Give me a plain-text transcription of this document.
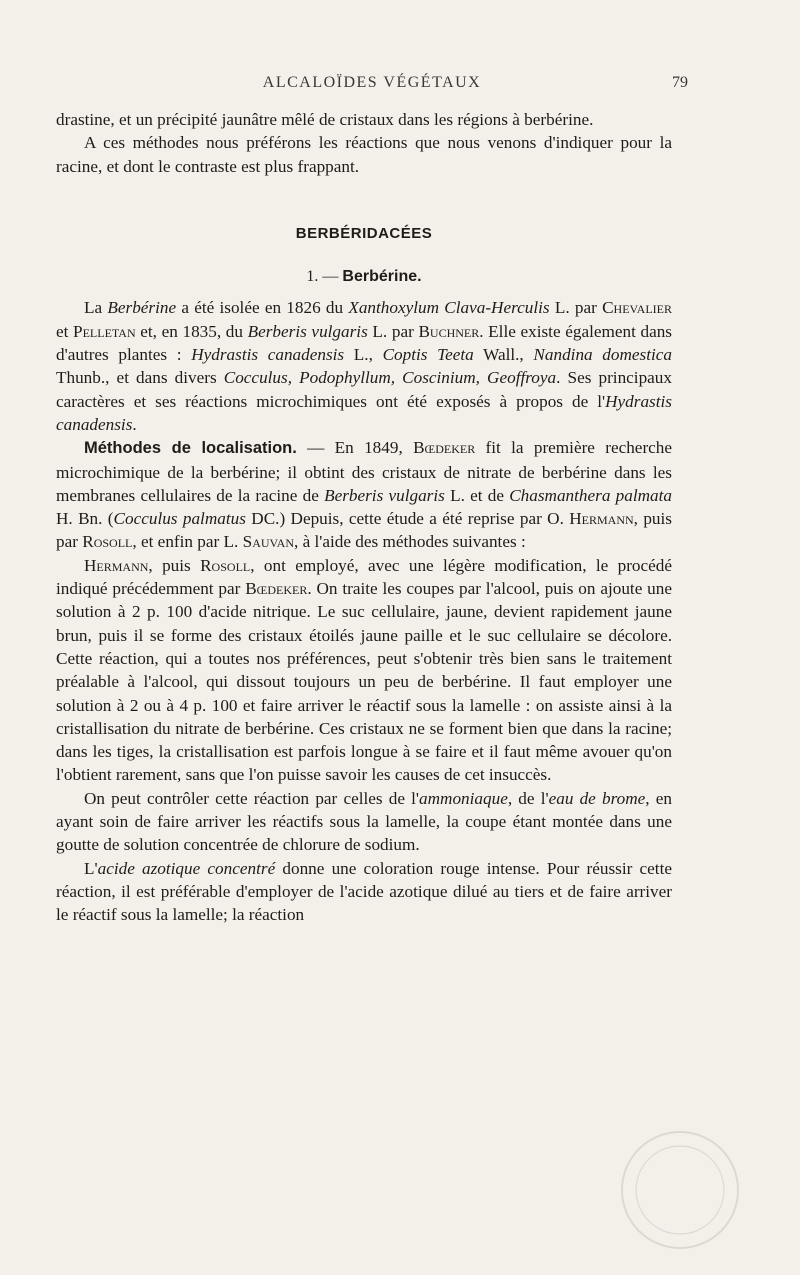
ALCALOÏDES VÉGÉTAUX	79

drastine, et un précipité jaunâtre mêlé de cristaux dans les régions à berbérine.

A ces méthodes nous préférons les réactions que nous venons d'indiquer pour la racine, et dont le contraste est plus frappant.

BERBÉRIDACÉES
1. — Berbérine.

La Berbérine a été isolée en 1826 du Xanthoxylum Clava-Herculis L. par Chevalier et Pelletan et, en 1835, du Berberis vulgaris L. par Buchner. Elle existe également dans d'autres plantes : Hydrastis canadensis L., Coptis Teeta Wall., Nandina domestica Thunb., et dans divers Cocculus, Podophyllum, Coscinium, Geoffroya. Ses principaux caractères et ses réactions microchimiques ont été exposés à propos de l'Hydrastis canadensis.

Méthodes de localisation. — En 1849, Bœdeker fit la première recherche microchimique de la berbérine; il obtint des cristaux de nitrate de berbérine dans les membranes cellulaires de la racine de Berberis vulgaris L. et de Chasmanthera palmata H. Bn. (Cocculus palmatus DC.) Depuis, cette étude a été reprise par O. Hermann, puis par Rosoll, et enfin par L. Sauvan, à l'aide des méthodes suivantes :

Hermann, puis Rosoll, ont employé, avec une légère modification, le procédé indiqué précédemment par Bœdeker. On traite les coupes par l'alcool, puis on ajoute une solution à 2 p. 100 d'acide nitrique. Le suc cellulaire, jaune, devient rapidement jaune brun, puis il se forme des cristaux étoilés jaune paille et le suc cellulaire se décolore. Cette réaction, qui a toutes nos préférences, peut s'obtenir très bien sans le traitement préalable à l'alcool, qui dissout toujours un peu de berbérine. Il faut employer une solution à 2 ou à 4 p. 100 et faire arriver le réactif sous la lamelle : on assiste ainsi à la cristallisation du nitrate de berbérine. Ces cristaux ne se forment bien que dans la racine; dans les tiges, la cristallisation est parfois longue à se faire et il faut même avouer qu'on l'obtient rarement, sans que l'on puisse savoir les causes de cet insuccès.

On peut contrôler cette réaction par celles de l'ammoniaque, de l'eau de brome, en ayant soin de faire arriver les réactifs sous la lamelle, la coupe étant montée dans une goutte de solution concentrée de chlorure de sodium.

L'acide azotique concentré donne une coloration rouge intense. Pour réussir cette réaction, il est préférable d'employer de l'acide azotique dilué au tiers et de faire arriver le réactif sous la lamelle; la réaction
